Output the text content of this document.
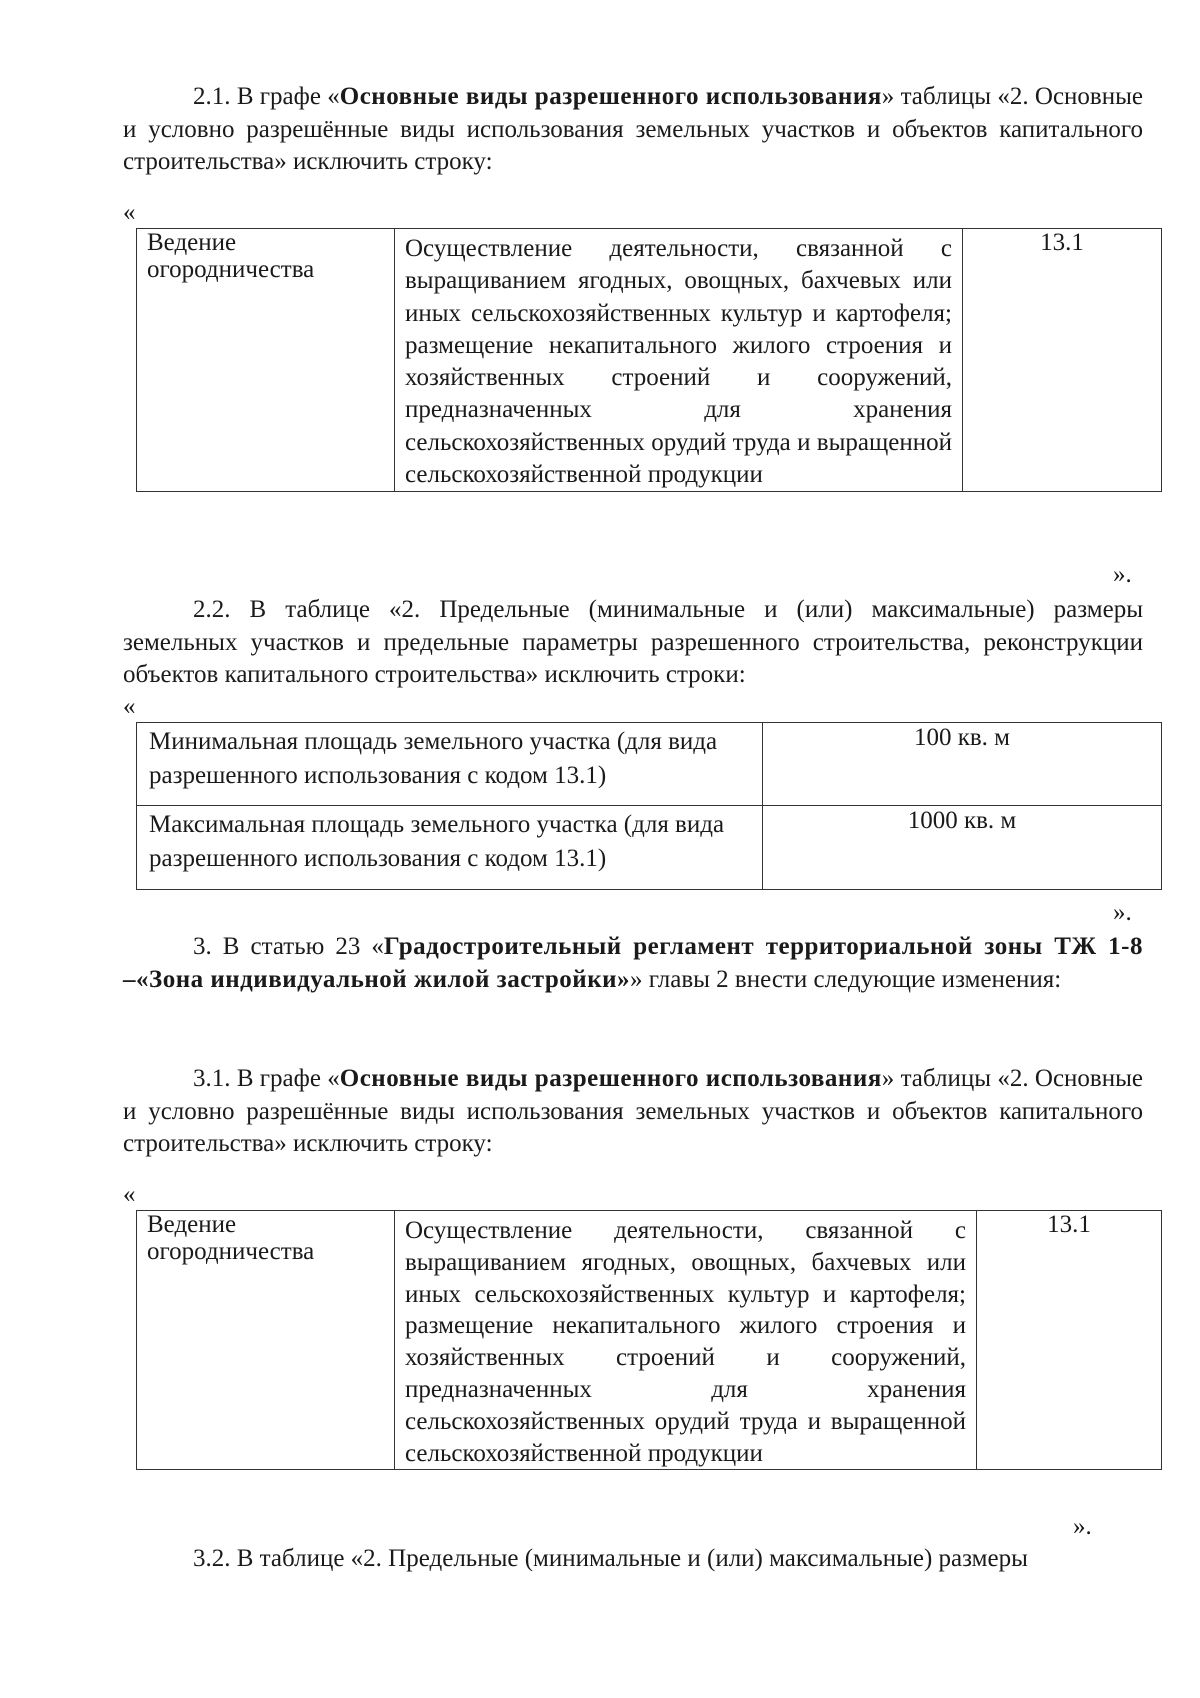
2.1. В графе «Основные виды разрешенного использования» таблицы «2. Основные и условно разрешённые виды использования земельных участков и объектов капитального строительства» исключить строку:

«
Ведение огородничества	Осуществление деятельности, связанной с выращиванием ягодных, овощных, бахчевых или иных сельскохозяйственных культур и картофеля; размещение некапитального жилого строения и хозяйственных строений и сооружений, предназначенных для хранения сельскохозяйственных орудий труда и выращенной сельскохозяйственной продукции	13.1
».

2.2. В таблице «2. Предельные (минимальные и (или) максимальные) размеры земельных участков и предельные параметры разрешенного строительства, реконструкции объектов капитального строительства» исключить строки:

«
Минимальная площадь земельного участка (для вида разрешенного использования с кодом 13.1)	100 кв. м
Максимальная площадь земельного участка (для вида разрешенного использования с кодом 13.1)	1000 кв. м
».

3. В статью 23 «Градостроительный регламент территориальной зоны ТЖ 1-8 –«Зона индивидуальной жилой застройки»» главы 2 внести следующие изменения:

3.1. В графе «Основные виды разрешенного использования» таблицы «2. Основные и условно разрешённые виды использования земельных участков и объектов капитального строительства» исключить строку:

«
Ведение огородничества	Осуществление деятельности, связанной с выращиванием ягодных, овощных, бахчевых или иных сельскохозяйственных культур и картофеля; размещение некапитального жилого строения и хозяйственных строений и сооружений, предназначенных для хранения сельскохозяйственных орудий труда и выращенной сельскохозяйственной продукции	13.1
».

3.2. В таблице «2. Предельные (минимальные и (или) максимальные) размеры
